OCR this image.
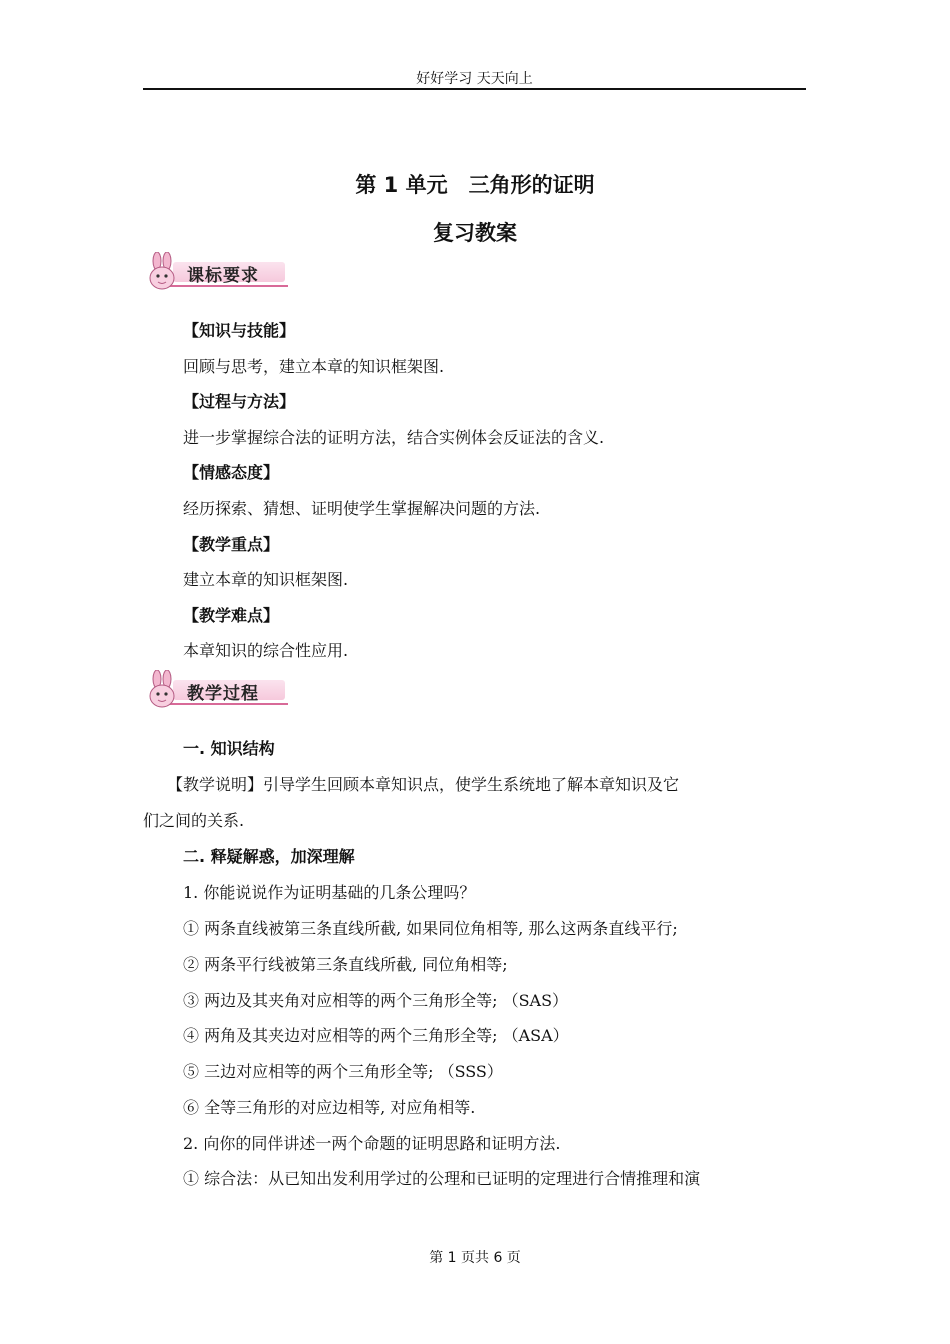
好好学习 天天向上
第 1 单元　三角形的证明
复习教案
课标要求
【知识与技能】
回顾与思考，建立本章的知识框架图.
【过程与方法】
进一步掌握综合法的证明方法，结合实例体会反证法的含义.
【情感态度】
经历探索、猜想、证明使学生掌握解决问题的方法.
【教学重点】
建立本章的知识框架图.
【教学难点】
本章知识的综合性应用.
教学过程
一. 知识结构
【教学说明】引导学生回顾本章知识点，使学生系统地了解本章知识及它
们之间的关系.
二. 释疑解惑，加深理解
1. 你能说说作为证明基础的几条公理吗？
① 两条直线被第三条直线所截, 如果同位角相等, 那么这两条直线平行;
② 两条平行线被第三条直线所截, 同位角相等;
③ 两边及其夹角对应相等的两个三角形全等; （SAS）
④ 两角及其夹边对应相等的两个三角形全等; （ASA）
⑤ 三边对应相等的两个三角形全等; （SSS）
⑥ 全等三角形的对应边相等, 对应角相等.
2. 向你的同伴讲述一两个命题的证明思路和证明方法.
① 综合法：从已知出发利用学过的公理和已证明的定理进行合情推理和演
第 1 页共 6 页
